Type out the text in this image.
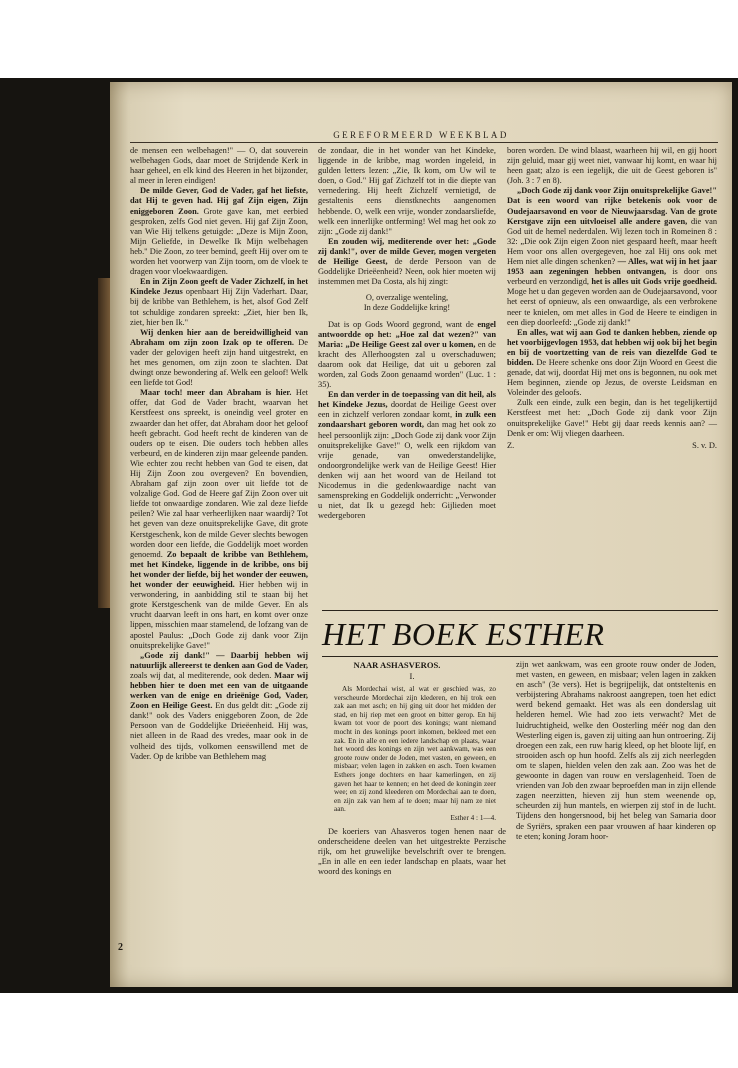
GEREFORMEERD WEEKBLAD

de mensen een welbehagen!" — O, dat souverein welbehagen Gods, daar moet de Strijdende Kerk in haar geheel, en elk kind des Heeren in het bijzonder, al meer in leren eindigen!

De milde Gever, God de Vader, gaf het liefste, dat Hij te geven had. Hij gaf Zijn eigen, Zijn eniggeboren Zoon. Grote gave kan, met eerbied gesproken, zelfs God niet geven. Hij gaf Zijn Zoon, van Wie Hij telkens getuigde: „Deze is Mijn Zoon, Mijn Geliefde, in Dewelke Ik Mijn welbehagen heb." Die Zoon, zo teer bemind, geeft Hij over om te worden het voorwerp van Zijn toorn, om de vloek te dragen voor vloekwaardigen.

En in Zijn Zoon geeft de Vader Zichzelf, in het Kindeke Jezus openbaart Hij Zijn Vaderhart. Daar, bij de kribbe van Bethlehem, is het, alsof God Zelf tot schuldige zondaren spreekt: „Ziet, hier ben Ik, ziet, hier ben Ik."

Wij denken hier aan de bereidwilligheid van Abraham om zijn zoon Izak op te offeren. De vader der gelovigen heeft zijn hand uitgestrekt, en het mes genomen, om zijn zoon te slachten. Dat dwingt onze bewondering af. Welk een geloof! Welk een liefde tot God!

Maar toch! meer dan Abraham is hier. Het offer, dat God de Vader bracht, waarvan het Kerstfeest ons spreekt, is oneindig veel groter en zwaarder dan het offer, dat Abraham door het geloof heeft gebracht. God heeft recht de kinderen van de ouders op te eisen. Die ouders toch hebben alles verbeurd, en de kinderen zijn maar geleende panden. Wie echter zou recht hebben van God te eisen, dat Hij Zijn Zoon zou overgeven? En bovendien, Abraham gaf zijn zoon over uit liefde tot de volzalige God. God de Heere gaf Zijn Zoon over uit liefde tot onwaardige zondaren. Wie zal deze liefde peilen? Wie zal haar verheerlijken naar waardij? Tot het geven van deze onuitsprekelijke Gave, dit grote Kerstgeschenk, kon de milde Gever slechts bewogen worden door een liefde, die Goddelijk moet worden genoemd. Zo bepaalt de kribbe van Bethlehem, met het Kindeke, liggende in de kribbe, ons bij het wonder der liefde, bij het wonder der eeuwen, het wonder der eeuwigheid. Hier hebben wij in verwondering, in aanbidding stil te staan bij het grote Kerstgeschenk van de milde Gever. En als vrucht daarvan leeft in ons hart, en komt over onze lippen, misschien maar stamelend, de lofzang van de apostel Paulus: „Doch Gode zij dank voor Zijn onuitsprekelijke Gave!"

„Gode zij dank!" — Daarbij hebben wij natuurlijk allereerst te denken aan God de Vader, zoals wij dat, al mediterende, ook deden. Maar wij hebben hier te doen met een van de uitgaande werken van de enige en drieënige God, Vader, Zoon en Heilige Geest. En dus geldt dit: „Gode zij dank!" ook des Vaders eniggeboren Zoon, de 2de Persoon van de Goddelijke Drieëenheid. Hij was, niet alleen in de Raad des vredes, maar ook in de volheid des tijds, volkomen eenswillend met de Vader. Op de kribbe van Bethlehem mag

de zondaar, die in het wonder van het Kindeke, liggende in de kribbe, mag worden ingeleid, in gulden letters lezen: „Zie, Ik kom, om Uw wil te doen, o God." Hij gaf Zichzelf tot in die diepte van vernedering. Hij heeft Zichzelf vernietigd, de gestaltenis eens dienstknechts aangenomen hebbende. O, welk een vrije, wonder zondaarsliefde, welk een innerlijke ontferming! Wel mag het ook zo zijn: „Gode zij dank!"

En zouden wij, mediterende over het: „Gode zij dank!", over de milde Gever, mogen vergeten de Heilige Geest, de derde Persoon van de Goddelijke Drieëenheid? Neen, ook hier moeten wij instemmen met Da Costa, als hij zingt:

O, overzalige wenteling,
In deze Goddelijke kring!

Dat is op Gods Woord gegrond, want de engel antwoordde op het: „Hoe zal dat wezen?" van Maria: „De Heilige Geest zal over u komen, en de kracht des Allerhoogsten zal u overschaduwen; daarom ook dat Heilige, dat uit u geboren zal worden, zal Gods Zoon genaamd worden" (Luc. 1 : 35).

En dan verder in de toepassing van dit heil, als het Kindeke Jezus, doordat de Heilige Geest over een in zichzelf verloren zondaar komt, in zulk een zondaarshart geboren wordt, dan mag het ook zo heel persoonlijk zijn: „Doch Gode zij dank voor Zijn onuitsprekelijke Gave!" O, welk een rijkdom van vrije genade, van onwederstandelijke, ondoorgrondelijke werk van de Heilige Geest! Hier denken wij aan het woord van de Heiland tot Nicodemus in die gedenkwaardige nacht van samenspreking en Goddelijk onderricht: „Verwonder u niet, dat Ik u gezegd heb: Gijlieden moet wedergeboren

boren worden. De wind blaast, waarheen hij wil, en gij hoort zijn geluid, maar gij weet niet, vanwaar hij komt, en waar hij heen gaat; alzo is een iegelijk, die uit de Geest geboren is" (Joh. 3 : 7 en 8).

„Doch Gode zij dank voor Zijn onuitsprekelijke Gave!" Dat is een woord van rijke betekenis ook voor de Oudejaarsavond en voor de Nieuwjaarsdag. Van de grote Kerstgave zijn een uitvloeisel alle andere gaven, die van God uit de hemel nederdalen. Wij lezen toch in Romeinen 8 : 32: „Die ook Zijn eigen Zoon niet gespaard heeft, maar heeft Hem voor ons allen overgegeven, hoe zal Hij ons ook met Hem niet alle dingen schenken? — Alles, wat wij in het jaar 1953 aan zegeningen hebben ontvangen, is door ons verbeurd en verzondigd, het is alles uit Gods vrije goedheid. Moge het u dan gegeven worden aan de Oudejaarsavond, voor het eerst of opnieuw, als een onwaardige, als een verbrokene neer te knielen, om met alles in God de Heere te eindigen in een diep doorleefd: „Gode zij dank!"

En alles, wat wij aan God te danken hebben, ziende op het voorbijgevlogen 1953, dat hebben wij ook bij het begin en bij de voortzetting van de reis van diezelfde God te bidden. De Heere schenke ons door Zijn Woord en Geest die genade, dat wij, doordat Hij met ons is begonnen, nu ook met Hem beginnen, ziende op Jezus, de overste Leidsman en Voleinder des geloofs.

Zulk een einde, zulk een begin, dan is het tegelijkertijd Kerstfeest met het: „Doch Gode zij dank voor Zijn onuitsprekelijke Gave!" Hebt gij daar reeds kennis aan? — Denk er om: Wij vliegen daarheen.

Z.	S. v. D.
HET BOEK ESTHER
NAAR ASHASVEROS.
I.

Als Mordechai wist, al wat er geschied was, zo verscheurde Mordechai zijn klederen, en hij trok een zak aan met asch; en hij ging uit door het midden der stad, en hij riep met een groot en bitter gerop. En hij kwam tot voor de poort des konings; want niemand mocht in des konings poort inkomen, bekleed met een zak. En in alle en een iedere landschap en plaats, waar het woord des konings en zijn wet aankwam, was een groote rouw onder de Joden, met vasten, en geween, en misbaar; velen lagen in zakken en asch. Toen kwamen Esthers jonge dochters en haar kamerlingen, en zij gaven het haar te kennen; en het deed de koningin zeer wee; en zij zond kleederen om Mordechai aan te doen, en zijn zak van hem af te doen; maar hij nam ze niet aan.

Esther 4 : 1—4.

De koeriers van Ahasveros togen henen naar de onderscheidene deelen van het uitgestrekte Perzische rijk, om het gruwelijke bevelschrift over te brengen. „En in alle en een ieder landschap en plaats, waar het woord des konings en

zijn wet aankwam, was een groote rouw onder de Joden, met vasten, en geween, en misbaar; velen lagen in zakken en asch" (3e vers). Het is begrijpelijk, dat ontsteltenis en verbijstering Abrahams nakroost aangrepen, toen het edict werd bekend gemaakt. Het was als een donderslag uit helderen hemel. Wie had zoo iets verwacht? Met de luidruchtigheid, welke den Oosterling méér nog dan den Westerling eigen is, gaven zij uiting aan hun ontroering. Zij droegen een zak, een ruw harig kleed, op het bloote lijf, en strooiden asch op hun hoofd. Zelfs als zij zich neerlegden om te slapen, hielden velen den zak aan. Zoo was het de gewoonte in dagen van rouw en verslagenheid. Toen de vrienden van Job den zwaar beproefden man in zijn ellende zagen neerzitten, hieven zij hun stem weenende op, scheurden zij hun mantels, en wierpen zij stof in de lucht. Tijdens den hongersnood, bij het beleg van Samaria door de Syriërs, spraken een paar vrouwen af haar kinderen op te eten; koning Joram hoor-

2
